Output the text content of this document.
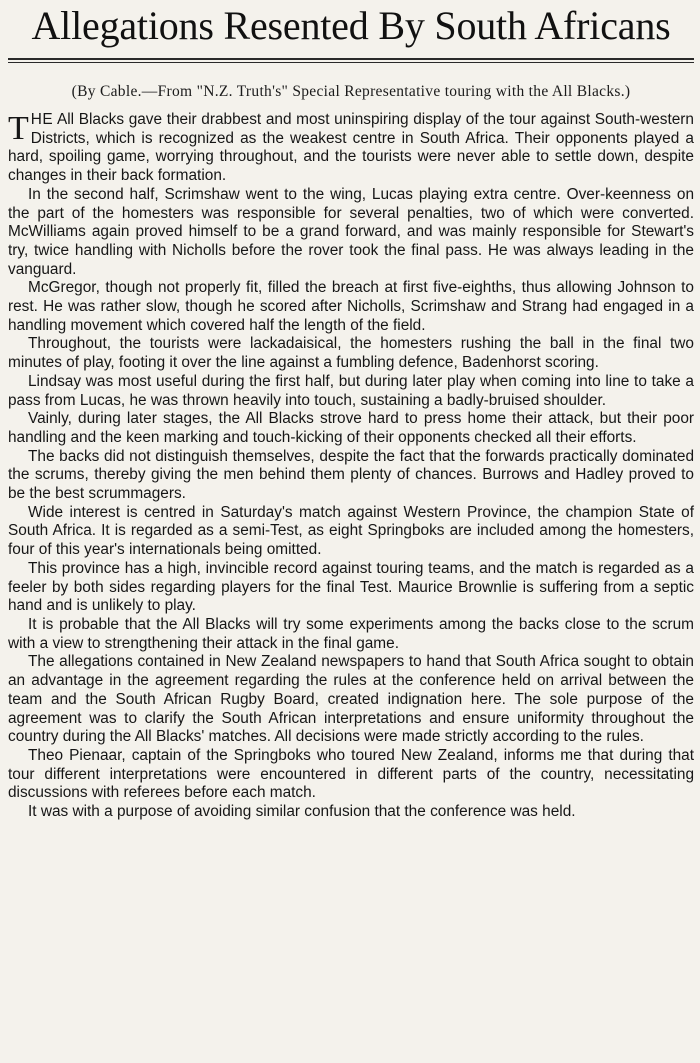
Allegations Resented By South Africans
(By Cable.—From "N.Z. Truth's" Special Representative touring with the All Blacks.)

THE All Blacks gave their drabbest and most uninspiring display of the tour against South-western Districts, which is recognized as the weakest centre in South Africa. Their opponents played a hard, spoiling game, worrying throughout, and the tourists were never able to settle down, despite changes in their back formation.

In the second half, Scrimshaw went to the wing, Lucas playing extra centre. Over-keenness on the part of the homesters was responsible for several penalties, two of which were converted. McWilliams again proved himself to be a grand forward, and was mainly responsible for Stewart's try, twice handling with Nicholls before the rover took the final pass. He was always leading in the vanguard.

McGregor, though not properly fit, filled the breach at first five-eighths, thus allowing Johnson to rest. He was rather slow, though he scored after Nicholls, Scrimshaw and Strang had engaged in a handling movement which covered half the length of the field.

Throughout, the tourists were lackadaisical, the homesters rushing the ball in the final two minutes of play, footing it over the line against a fumbling defence, Badenhorst scoring.

Lindsay was most useful during the first half, but during later play when coming into line to take a pass from Lucas, he was thrown heavily into touch, sustaining a badly-bruised shoulder.

Vainly, during later stages, the All Blacks strove hard to press home their attack, but their poor handling and the keen marking and touch-kicking of their opponents checked all their efforts.

The backs did not distinguish themselves, despite the fact that the forwards practically dominated the scrums, thereby giving the men behind them plenty of chances. Burrows and Hadley proved to be the best scrummagers.

Wide interest is centred in Saturday's match against Western Province, the champion State of South Africa. It is regarded as a semi-Test, as eight Springboks are included among the homesters, four of this year's internationals being omitted.

This province has a high, invincible record against touring teams, and the match is regarded as a feeler by both sides regarding players for the final Test. Maurice Brownlie is suffering from a septic hand and is unlikely to play.

It is probable that the All Blacks will try some experiments among the backs close to the scrum with a view to strengthening their attack in the final game.

The allegations contained in New Zealand newspapers to hand that South Africa sought to obtain an advantage in the agreement regarding the rules at the conference held on arrival between the team and the South African Rugby Board, created indignation here. The sole purpose of the agreement was to clarify the South African interpretations and ensure uniformity throughout the country during the All Blacks' matches. All decisions were made strictly according to the rules.

Theo Pienaar, captain of the Springboks who toured New Zealand, informs me that during that tour different interpretations were encountered in different parts of the country, necessitating discussions with referees before each match.

It was with a purpose of avoiding similar confusion that the conference was held.
